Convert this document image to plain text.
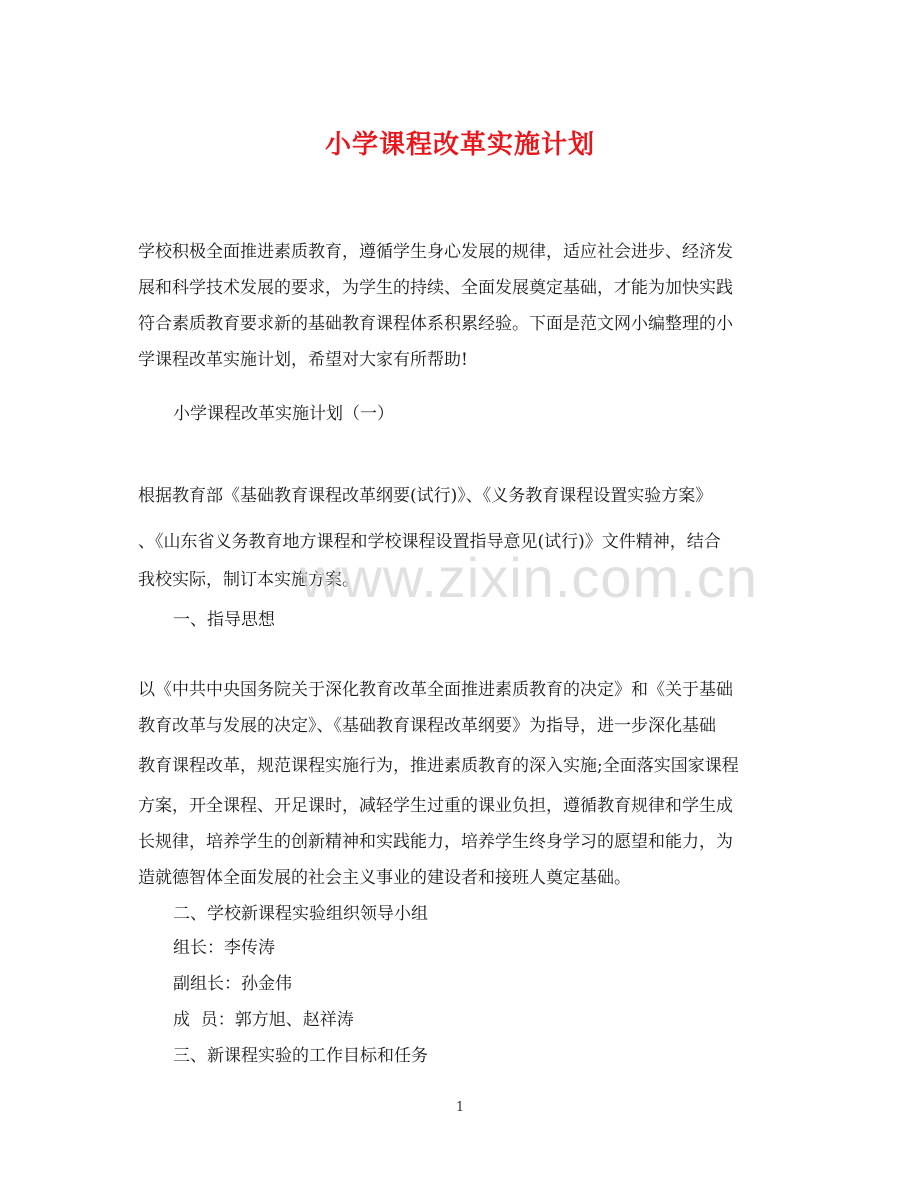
小学课程改革实施计划
学校积极全面推进素质教育，遵循学生身心发展的规律，适应社会进步、经济发
展和科学技术发展的要求，为学生的持续、全面发展奠定基础，才能为加快实践
符合素质教育要求新的基础教育课程体系积累经验。下面是范文网小编整理的小
学课程改革实施计划，希望对大家有所帮助!
小学课程改革实施计划（一）
根据教育部《基础教育课程改革纲要(试行)》、《义务教育课程设置实验方案》
、《山东省义务教育地方课程和学校课程设置指导意见(试行)》文件精神，结合
我校实际，制订本实施方案。
一、指导思想
以《中共中央国务院关于深化教育改革全面推进素质教育的决定》和《关于基础
教育改革与发展的决定》、《基础教育课程改革纲要》为指导，进一步深化基础
教育课程改革，规范课程实施行为，推进素质教育的深入实施;全面落实国家课程
方案，开全课程、开足课时，减轻学生过重的课业负担，遵循教育规律和学生成
长规律，培养学生的创新精神和实践能力，培养学生终身学习的愿望和能力，为
造就德智体全面发展的社会主义事业的建设者和接班人奠定基础。
二、学校新课程实验组织领导小组
组长：李传涛
副组长：孙金伟
成  员：郭方旭、赵祥涛
三、新课程实验的工作目标和任务
www.zixin.com.cn
1
